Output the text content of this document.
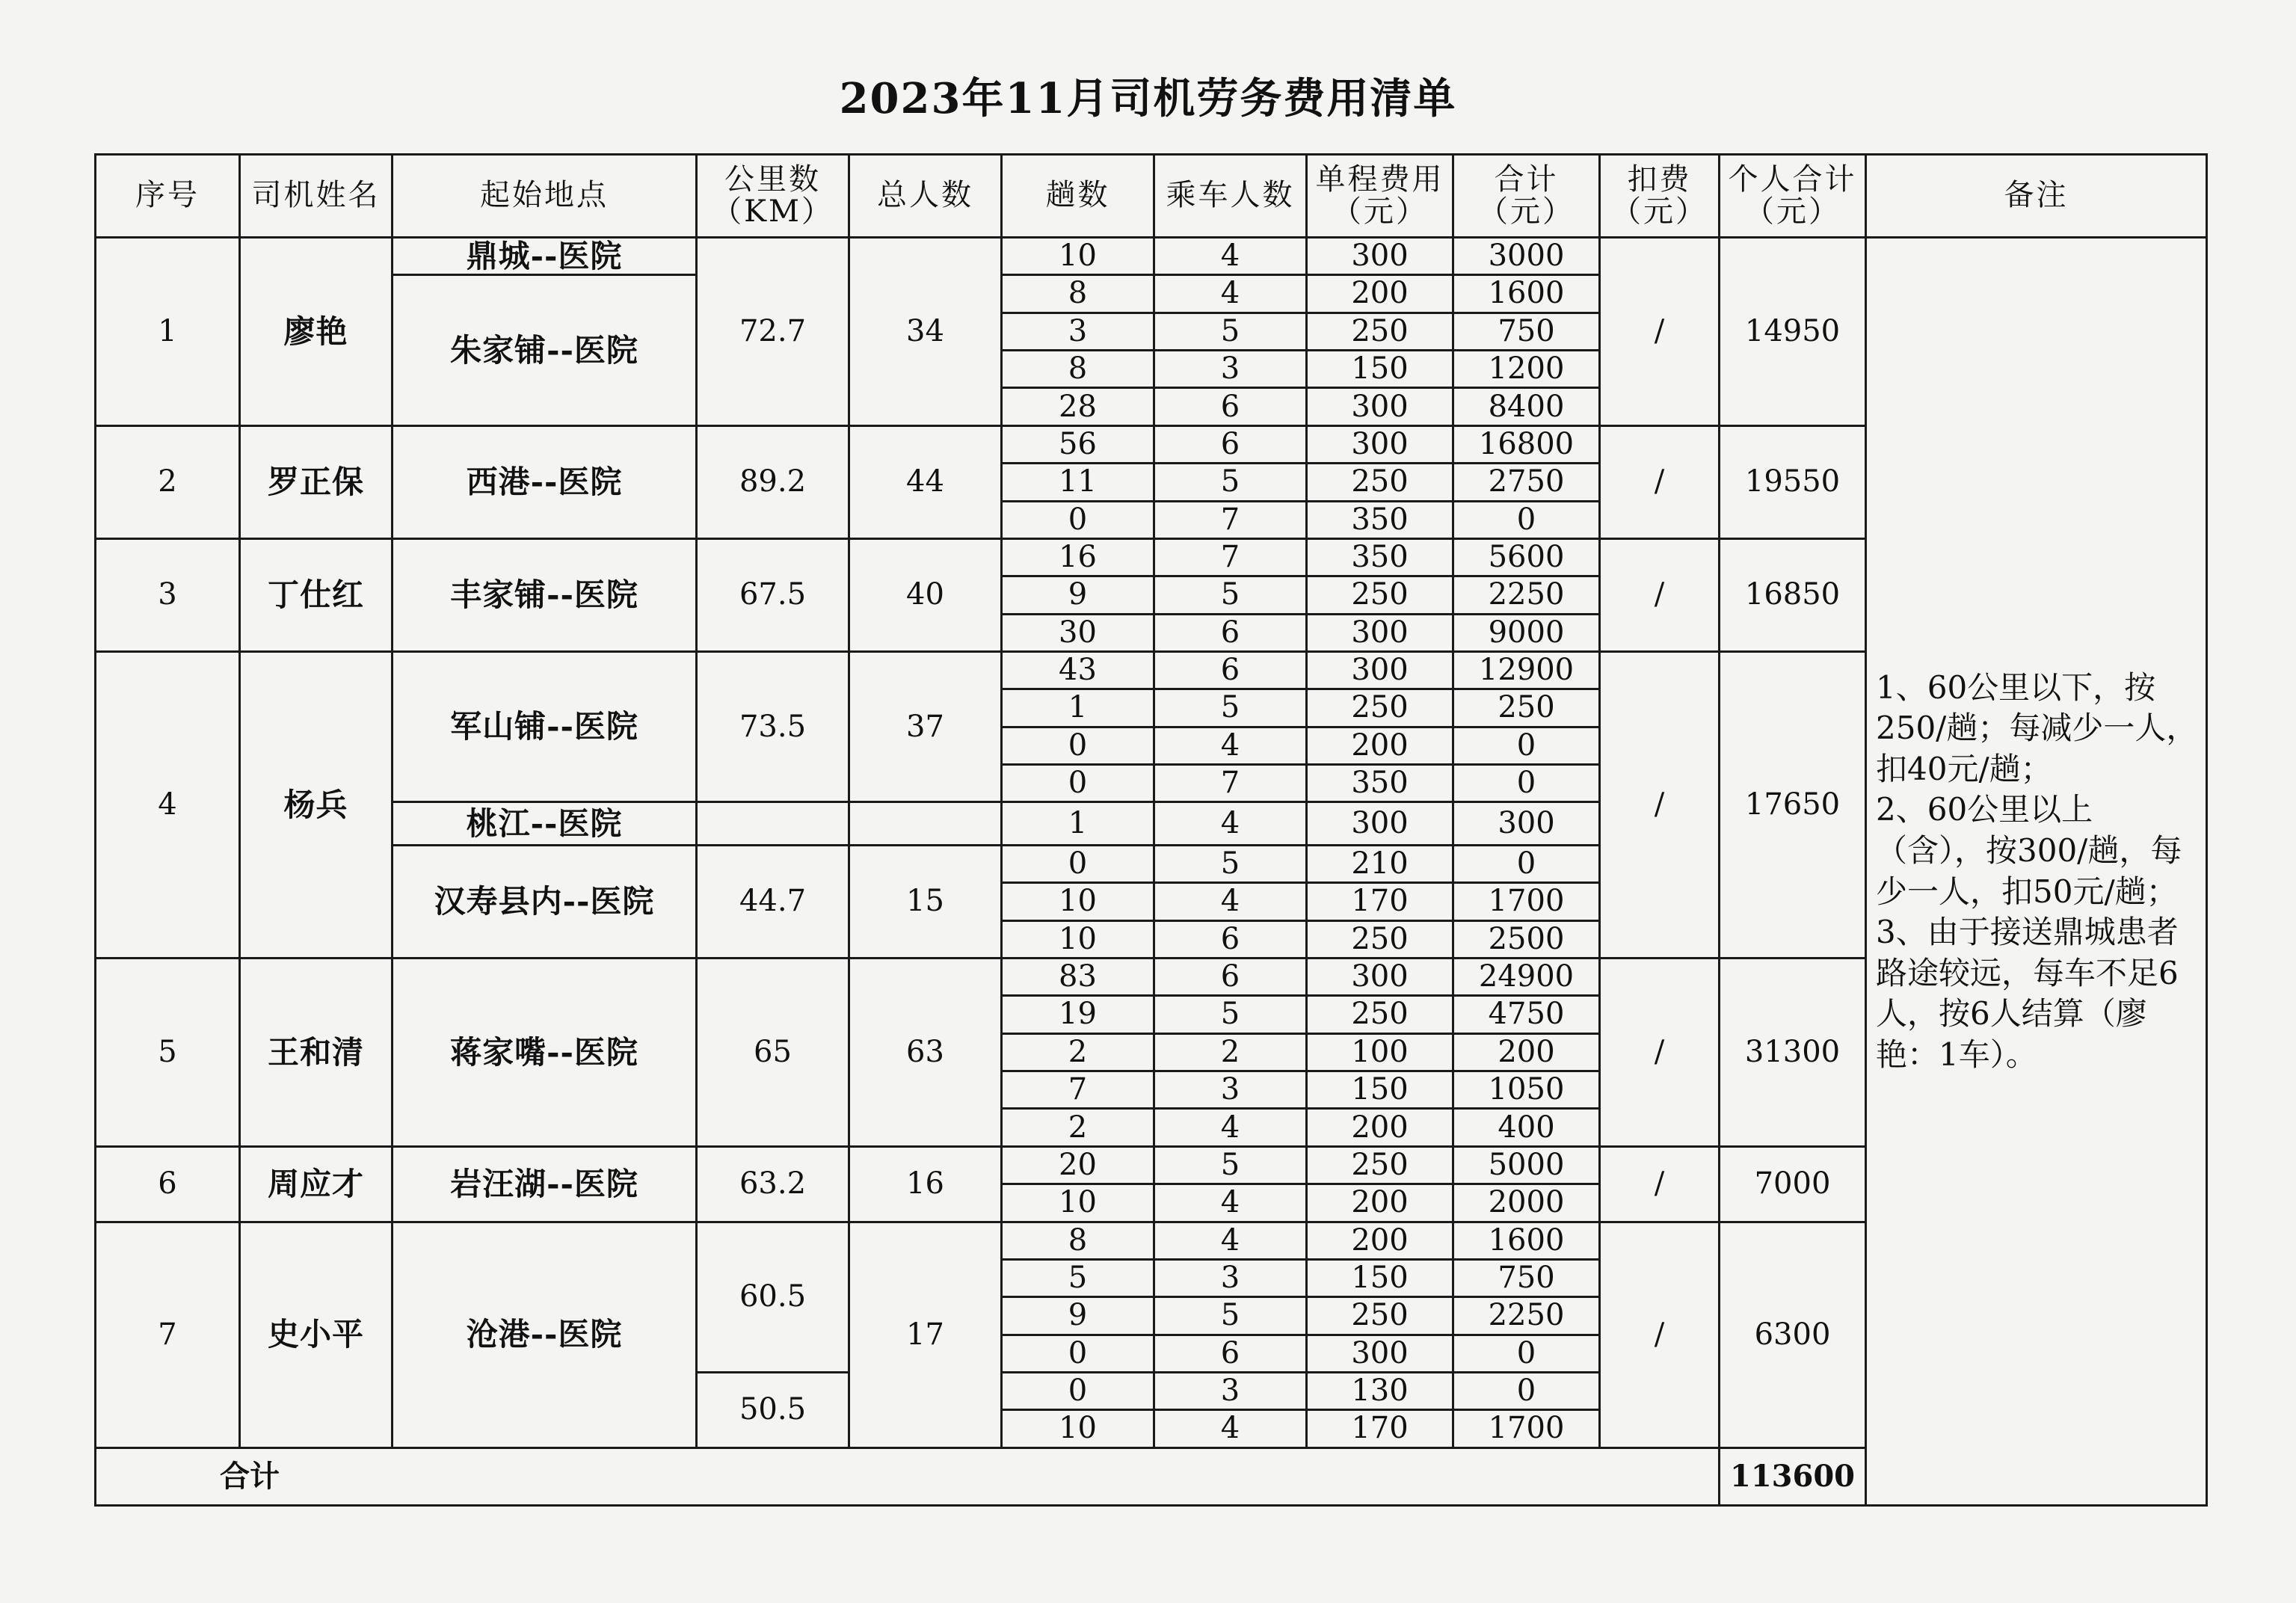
2023年11月司机劳务费用清单
序号	司机姓名	起始地点	公里数（KM）	总人数	趟数	乘车人数	单程费用（元）	合计（元）	扣费（元）	个人合计（元）	备注
1	廖艳	鼎城--医院	72.7	34	10	4	300	3000	/	14950	1、60公里以下，按250/趟；每减少一人，扣40元/趟；
2、60公里以上（含），按300/趟，每少一人，扣50元/趟；
3、由于接送鼎城患者路途较远，每车不足6人，按6人结算（廖艳：1车）。

		朱家铺--医院			8	4	200	1600			
					3	5	250	750			
					8	3	150	1200			
					28	6	300	8400			
2	罗正保	西港--医院	89.2	44	56	6	300	16800	/	19550	
					11	5	250	2750			
					0	7	350	0			
3	丁仕红	丰家铺--医院	67.5	40	16	7	350	5600	/	16850	
					9	5	250	2250			
					30	6	300	9000			
4	杨兵	军山铺--医院	73.5	37	43	6	300	12900	/	17650	
					1	5	250	250			
					0	4	200	0			
					0	7	350	0			
		桃江--医院			1	4	300	300			
		汉寿县内--医院	44.7	15	0	5	210	0			
					10	4	170	1700			
					10	6	250	2500			
5	王和清	蒋家嘴--医院	65	63	83	6	300	24900	/	31300	
					19	5	250	4750			
					2	2	100	200			
					7	3	150	1050			
					2	4	200	400			
6	周应才	岩汪湖--医院	63.2	16	20	5	250	5000	/	7000	
					10	4	200	2000			
7	史小平	沧港--医院	60.5	17	8	4	200	1600	/	6300	
					5	3	150	750			
					9	5	250	2250			
					0	6	300	0			
			50.5		0	3	130	0			
					10	4	170	1700			
合计										113600	
